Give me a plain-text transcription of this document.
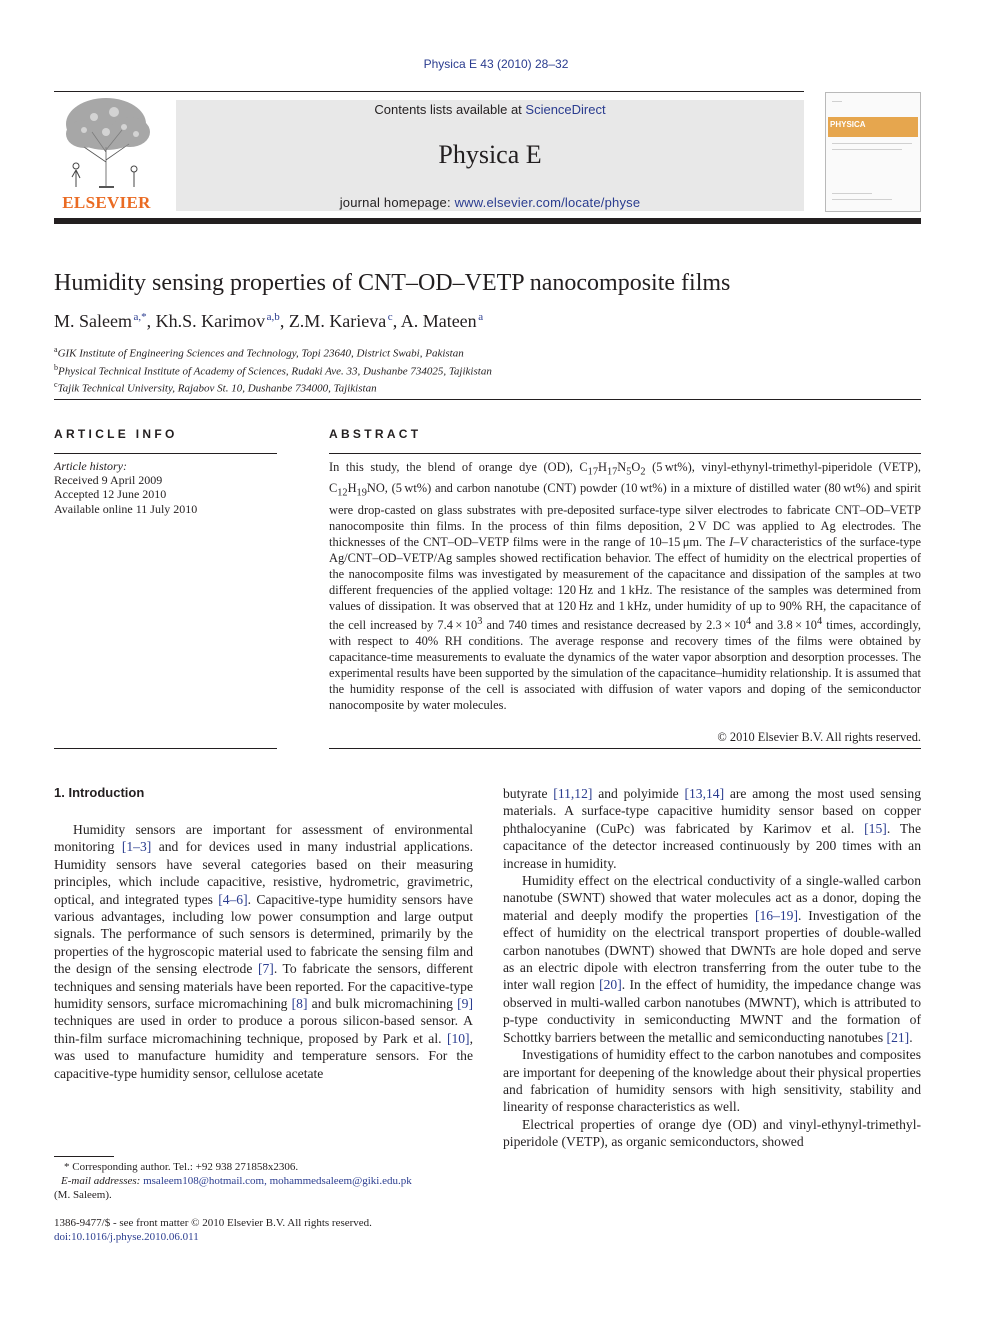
Physica E 43 (2010) 28–32
ELSEVIER
Contents lists available at ScienceDirect
Physica E
journal homepage: www.elsevier.com/locate/physe
PHYSICA
Humidity sensing properties of CNT–OD–VETP nanocomposite films
M. Saleem  $^{a,*}$, Kh.S. Karimov  $^{a,b}$, Z.M. Karieva  $^c$, A. Mateen  $^a$
$^a$GIK Institute of Engineering Sciences and Technology, Topi 23640, District Swabi, Pakistan
$^b$Physical Technical Institute of Academy of Sciences, Rudaki Ave. 33, Dushanbe 734025, Tajikistan
$^c$Tajik Technical University, Rajabov St. 10, Dushanbe 734000, Tajikistan
ARTICLE INFO
Article history:
Received 9 April 2009
Accepted 12 June 2010
Available online 11 July 2010
ABSTRACT
In this study, the blend of orange dye (OD), $C_{17}H_{17}N_5O_2$ (5 wt%), vinyl-ethynyl-trimethyl-piperidole (VETP), $C_{12}H_{19}NO$, (5 wt%) and carbon nanotube (CNT) powder (10 wt%) in a mixture of distilled water (80 wt%) and spirit were drop-casted on glass substrates with pre-deposited surface-type silver electrodes to fabricate CNT–OD–VETP nanocomposite thin films. In the process of thin films deposition, 2 V DC was applied to Ag electrodes. The thicknesses of the CNT–OD–VETP films were in the range of 10–15 μm. The I–V characteristics of the surface-type Ag/CNT–OD–VETP/Ag samples showed rectification behavior. The effect of humidity on the electrical properties of the nanocomposite films was investigated by measurement of the capacitance and dissipation of the samples at two different frequencies of the applied voltage: 120 Hz and 1 kHz. The resistance of the samples was determined from values of dissipation. It was observed that at 120 Hz and 1 kHz, under humidity of up to 90% RH, the capacitance of the cell increased by $7.4 \times 10^3$ and 740 times and resistance decreased by $2.3 \times 10^4$ and $3.8 \times 10^4$ times, accordingly, with respect to 40% RH conditions. The average response and recovery times of the films were obtained by capacitance-time measurements to evaluate the dynamics of the water vapor absorption and desorption processes. The experimental results have been supported by the simulation of the capacitance–humidity relationship. It is assumed that the humidity response of the cell is associated with diffusion of water vapors and doping of the semiconductor nanocomposite by water molecules.
© 2010 Elsevier B.V. All rights reserved.
1. Introduction

Humidity sensors are important for assessment of environmental monitoring [1–3] and for devices used in many industrial applications. Humidity sensors have several categories based on their measuring principles, which include capacitive, resistive, hydrometric, gravimetric, optical, and integrated types [4–6]. Capacitive-type humidity sensors have various advantages, including low power consumption and large output signals. The performance of such sensors is determined, primarily by the properties of the hygroscopic material used to fabricate the sensing film and the design of the sensing electrode [7]. To fabricate the sensors, different techniques and sensing materials have been reported. For the capacitive-type humidity sensors, surface micromachining [8] and bulk micromachining [9] techniques are used in order to produce a porous silicon-based sensor. A thin-film surface micromachining technique, proposed by Park et al. [10], was used to manufacture humidity and temperature sensors. For the capacitive-type humidity sensor, cellulose acetate

butyrate [11,12] and polyimide [13,14] are among the most used sensing materials. A surface-type capacitive humidity sensor based on copper phthalocyanine (CuPc) was fabricated by Karimov et al. [15]. The capacitance of the detector increased continuously by 200 times with an increase in humidity.

Humidity effect on the electrical conductivity of a single-walled carbon nanotube (SWNT) showed that water molecules act as a donor, doping the material and deeply modify the properties [16–19]. Investigation of the effect of humidity on the electrical transport properties of double-walled carbon nanotubes (DWNT) showed that DWNTs are hole doped and serve as an electric dipole with electron transferring from the outer tube to the inter wall region [20]. In the effect of humidity, the impedance change was observed in multi-walled carbon nanotubes (MWNT), which is attributed to p-type conductivity in semiconducting MWNT and the formation of Schottky barriers between the metallic and semiconducting nanotubes [21].

Investigations of humidity effect to the carbon nanotubes and composites are important for deepening of the knowledge about their physical properties and fabrication of humidity sensors with high sensitivity, stability and linearity of response characteristics as well.

Electrical properties of orange dye (OD) and vinyl-ethynyl-trimethyl-piperidole (VETP), as organic semiconductors, showed

* Corresponding author. Tel.: +92 938 271858x2306.
E-mail addresses: msaleem108@hotmail.com, mohammedsaleem@giki.edu.pk
(M. Saleem).
1386-9477/$ - see front matter © 2010 Elsevier B.V. All rights reserved.
doi:10.1016/j.physe.2010.06.011
